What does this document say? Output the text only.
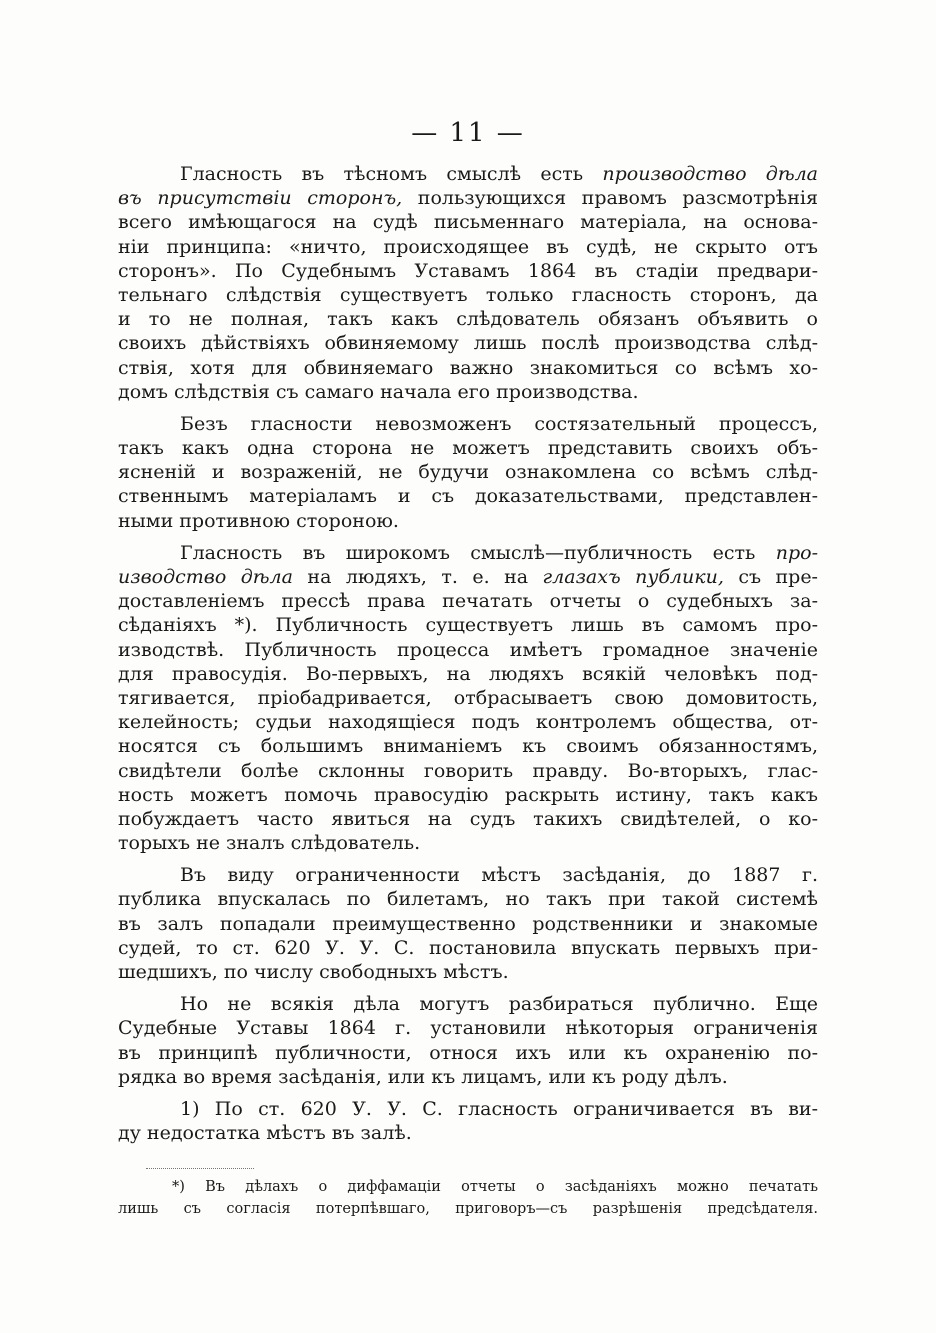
— 11 —
Гласность въ тѣсномъ смыслѣ есть производство дѣла
въ присутствіи сторонъ, пользующихся правомъ разсмотрѣнія
всего имѣющагося на судѣ письменнаго матеріала, на основа-
ніи принципа: «ничто, происходящее въ судѣ, не скрыто отъ
сторонъ». По Судебнымъ Уставамъ 1864 въ стадіи предвари-
тельнаго слѣдствія существуетъ только гласность сторонъ, да
и то не полная, такъ какъ слѣдователь обязанъ объявить о
своихъ дѣйствіяхъ обвиняемому лишь послѣ производства слѣд-
ствія, хотя для обвиняемаго важно знакомиться со всѣмъ хо-
домъ слѣдствія съ самаго начала его производства.
Безъ гласности невозможенъ состязательный процессъ,
такъ какъ одна сторона не можетъ представить своихъ объ-
ясненій и возраженій, не будучи ознакомлена со всѣмъ слѣд-
ственнымъ матеріаламъ и съ доказательствами, представлен-
ными противною стороною.
Гласность въ широкомъ смыслѣ—публичность есть про-
изводство дѣла на людяхъ, т. е. на глазахъ публики, съ пре-
доставленіемъ прессѣ права печатать отчеты о судебныхъ за-
сѣданіяхъ *). Публичность существуетъ лишь въ самомъ про-
изводствѣ. Публичность процесса имѣетъ громадное значеніе
для правосудія. Во-первыхъ, на людяхъ всякій человѣкъ под-
тягивается, пріобадривается, отбрасываетъ свою домовитость,
келейность; судьи находящіеся подъ контролемъ общества, от-
носятся съ большимъ вниманіемъ къ своимъ обязанностямъ,
свидѣтели болѣе склонны говорить правду. Во-вторыхъ, глас-
ность можетъ помочь правосудію раскрыть истину, такъ какъ
побуждаетъ часто явиться на судъ такихъ свидѣтелей, о ко-
торыхъ не зналъ слѣдователь.
Въ виду ограниченности мѣстъ засѣданія, до 1887 г.
публика впускалась по билетамъ, но такъ при такой системѣ
въ залъ попадали преимущественно родственники и знакомые
судей, то ст. 620 У. У. С. постановила впускать первыхъ при-
шедшихъ, по числу свободныхъ мѣстъ.
Но не всякія дѣла могутъ разбираться публично. Еще
Судебные Уставы 1864 г. установили нѣкоторыя ограниченія
въ принципѣ публичности, относя ихъ или къ охраненію по-
рядка во время засѣданія, или къ лицамъ, или къ роду дѣлъ.
1) По ст. 620 У. У. С. гласность ограничивается въ ви-
ду недостатка мѣстъ въ залѣ.
*) Въ дѣлахъ о диффамаціи отчеты о засѣданіяхъ можно печатать
лишь съ согласія потерпѣвшаго, приговоръ—съ разрѣшенія предсѣдателя.
